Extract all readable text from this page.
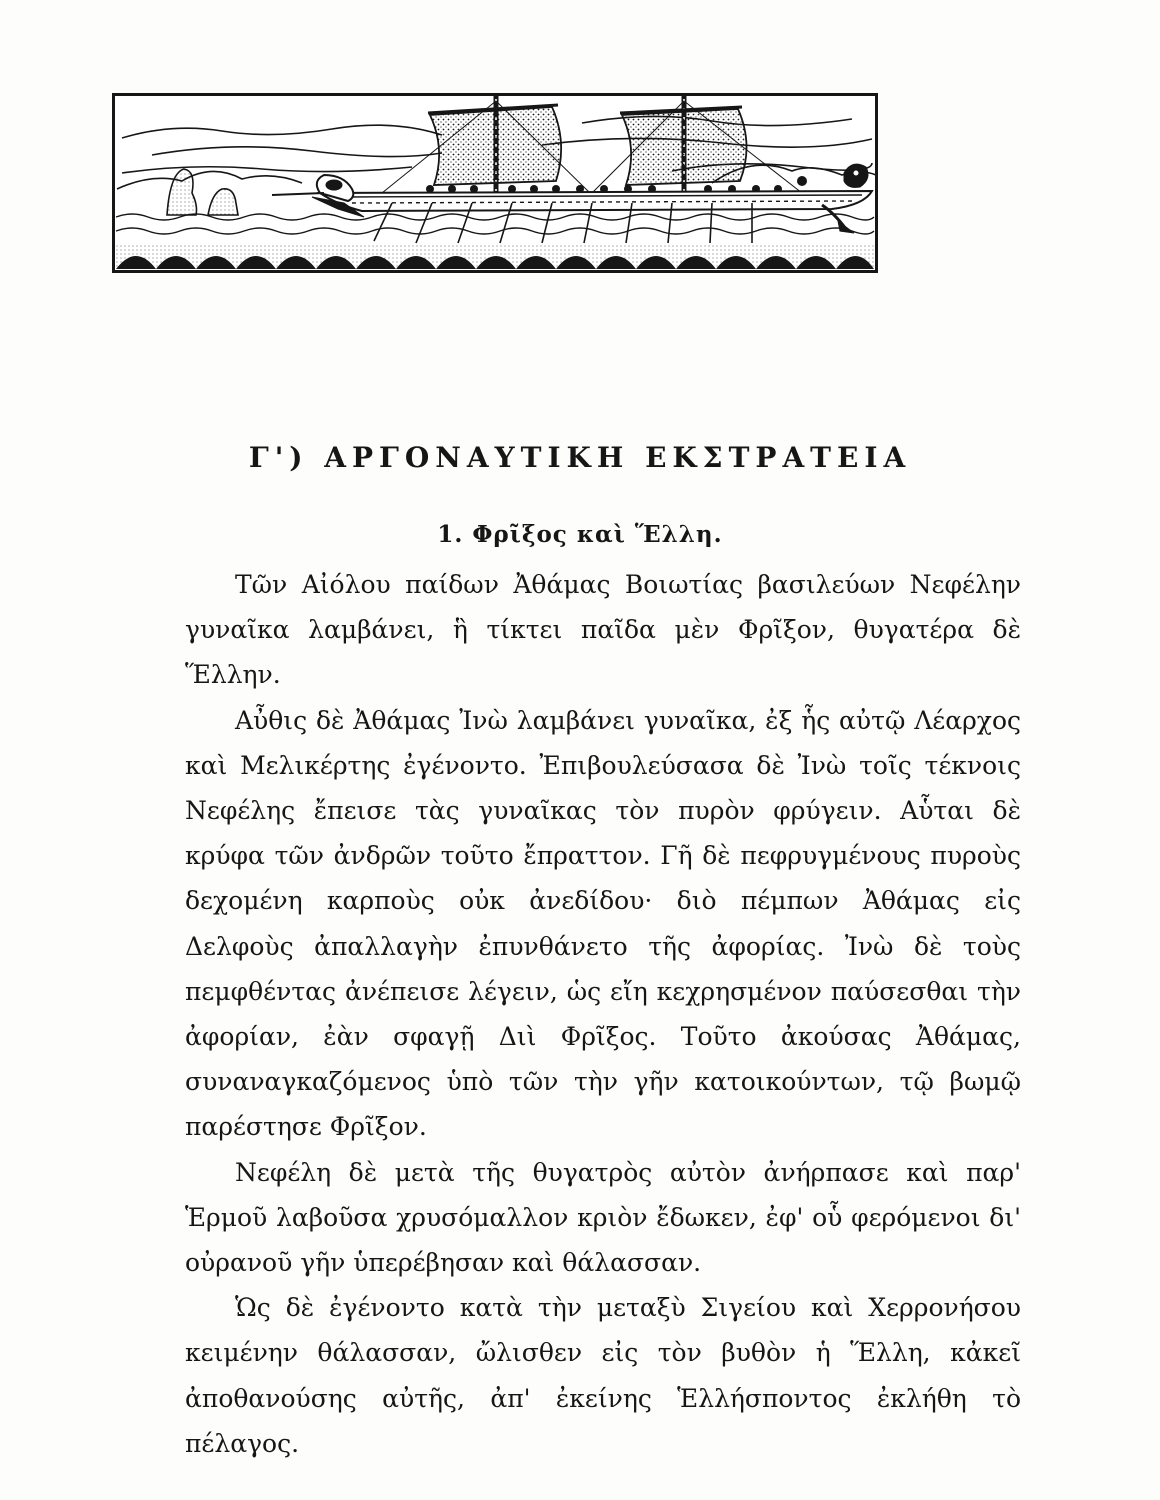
Γ') ΑΡΓΟΝΑΥΤΙΚΗ ΕΚΣΤΡΑΤΕΙΑ
1. Φρῖξος καὶ Ἕλλη.

Τῶν Αἰόλου παίδων Ἀθάμας Βοιωτίας βασιλεύων Νεφέλην γυναῖκα λαμβάνει, ἣ τίκτει παῖδα μὲν Φρῖξον, θυγατέρα δὲ Ἕλλην.

Αὖθις δὲ Ἀθάμας Ἰνὼ λαμβάνει γυναῖκα, ἐξ ἧς αὐτῷ Λέαρχος καὶ Μελικέρτης ἐγένοντο. Ἐπιβουλεύσασα δὲ Ἰνὼ τοῖς τέκνοις Νεφέλης ἔπεισε τὰς γυναῖκας τὸν πυρὸν φρύγειν. Αὗται δὲ κρύφα τῶν ἀνδρῶν τοῦτο ἔπραττον. Γῆ δὲ πεφρυγμένους πυροὺς δεχομένη καρποὺς οὐκ ἀνεδίδου· διὸ πέμπων Ἀθάμας εἰς Δελφοὺς ἀπαλλαγὴν ἐπυνθάνετο τῆς ἀφορίας. Ἰνὼ δὲ τοὺς πεμφθέντας ἀνέπεισε λέγειν, ὡς εἴη κεχρησμένον παύσεσθαι τὴν ἀφορίαν, ἐὰν σφαγῇ Διὶ Φρῖξος. Τοῦτο ἀκούσας Ἀθάμας, συναναγκαζόμενος ὑπὸ τῶν τὴν γῆν κατοικούντων, τῷ βωμῷ παρέστησε Φρῖξον.

Νεφέλη δὲ μετὰ τῆς θυγατρὸς αὐτὸν ἀνήρπασε καὶ παρ' Ἑρμοῦ λαβοῦσα χρυσόμαλλον κριὸν ἔδωκεν, ἐφ' οὗ φερόμενοι δι' οὐρανοῦ γῆν ὑπερέβησαν καὶ θάλασσαν.

Ὡς δὲ ἐγένοντο κατὰ τὴν μεταξὺ Σιγείου καὶ Χερρονήσου κειμένην θάλασσαν, ὤλισθεν εἰς τὸν βυθὸν ἡ Ἕλλη, κἀκεῖ ἀποθανούσης αὐτῆς, ἀπ' ἐκείνης Ἑλλήσποντος ἐκλήθη τὸ πέλαγος.
